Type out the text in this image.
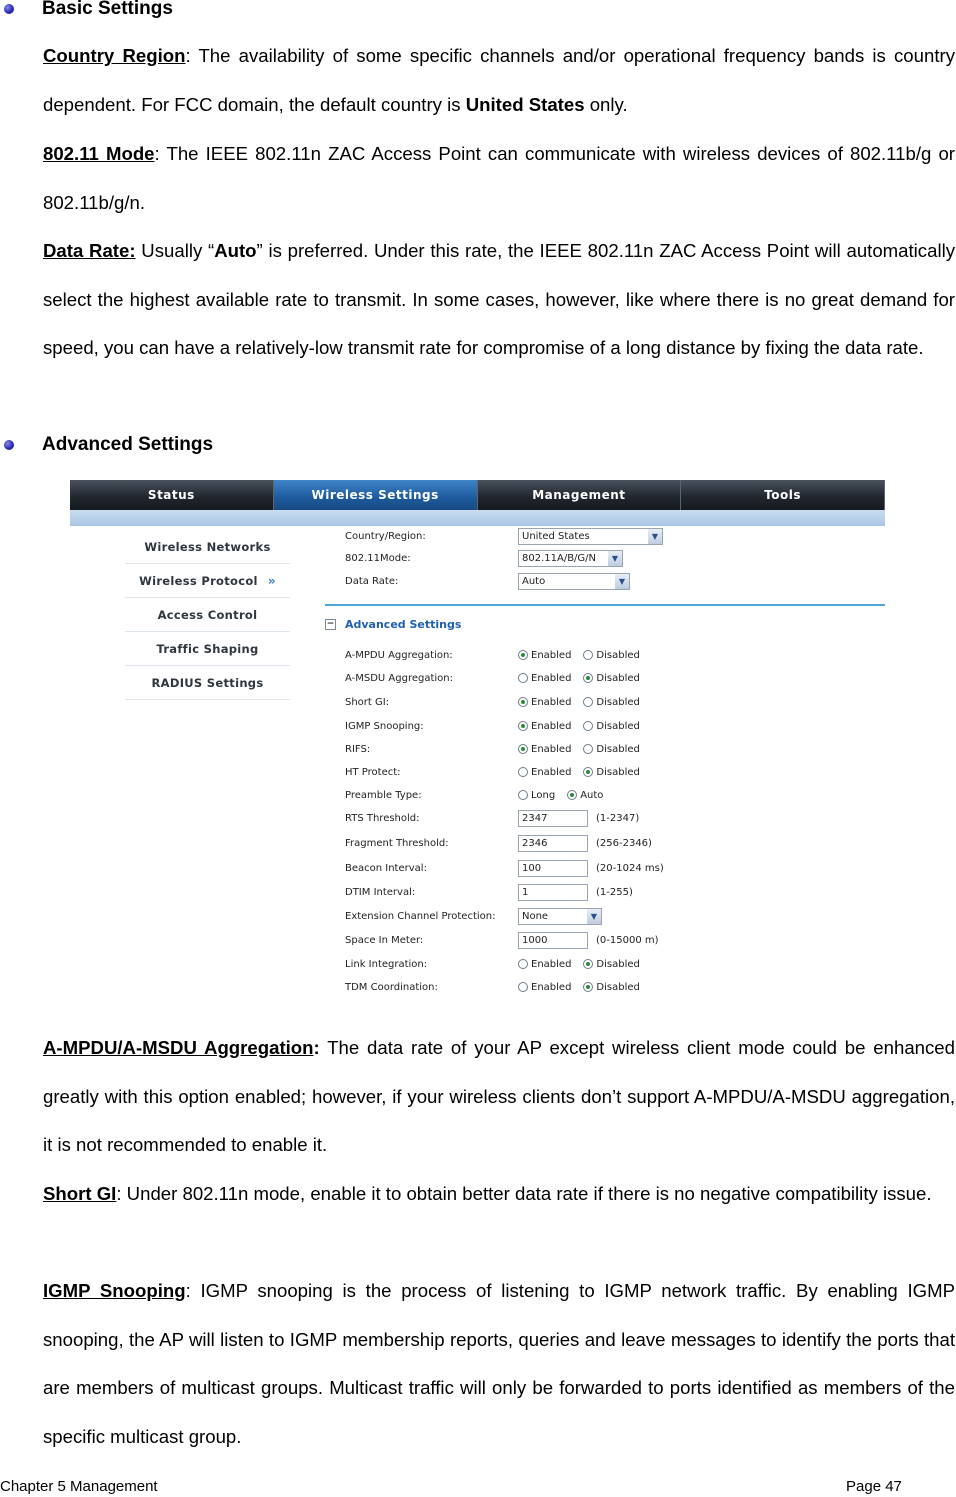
Basic Settings
Country Region: The availability of some specific channels and/or operational frequency bands is country dependent. For FCC domain, the default country is United States only.
802.11 Mode: The IEEE 802.11n ZAC Access Point can communicate with wireless devices of 802.11b/g or 802.11b/g/n.
Data Rate: Usually “Auto” is preferred. Under this rate, the IEEE 802.11n ZAC Access Point will automatically select the highest available rate to transmit. In some cases, however, like where there is no great demand for speed, you can have a relatively-low transmit rate for compromise of a long distance by fixing the data rate.
Advanced Settings
Status	Wireless Settings	Management	Tools
Wireless Networks
Wireless Protocol »
Access Control
Traffic Shaping
RADIUS Settings
Country/Region:	United States	▼
802.11Mode:	802.11A/B/G/N	▼
Data Rate:	Auto	▼
− Advanced Settings
A-MPDU Aggregation:	Enabled	Disabled
A-MSDU Aggregation:	Enabled	Disabled
Short GI:	Enabled	Disabled
IGMP Snooping:	Enabled	Disabled
RIFS:	Enabled	Disabled
HT Protect:	Enabled	Disabled
Preamble Type:	Long	Auto
RTS Threshold:	2347	(1-2347)
Fragment Threshold:	2346	(256-2346)
Beacon Interval:	100	(20-1024 ms)
DTIM Interval:	1	(1-255)
Extension Channel Protection:	None	▼
Space In Meter:	1000	(0-15000 m)
Link Integration:	Enabled	Disabled
TDM Coordination:	Enabled	Disabled
A-MPDU/A-MSDU Aggregation: The data rate of your AP except wireless client mode could be enhanced greatly with this option enabled; however, if your wireless clients don’t support A-MPDU/A-MSDU aggregation, it is not recommended to enable it.
Short GI: Under 802.11n mode, enable it to obtain better data rate if there is no negative compatibility issue.
IGMP Snooping: IGMP snooping is the process of listening to IGMP network traffic. By enabling IGMP snooping, the AP will listen to IGMP membership reports, queries and leave messages to identify the ports that are members of multicast groups. Multicast traffic will only be forwarded to ports identified as members of the specific multicast group.
Chapter 5 Management	Page 47
